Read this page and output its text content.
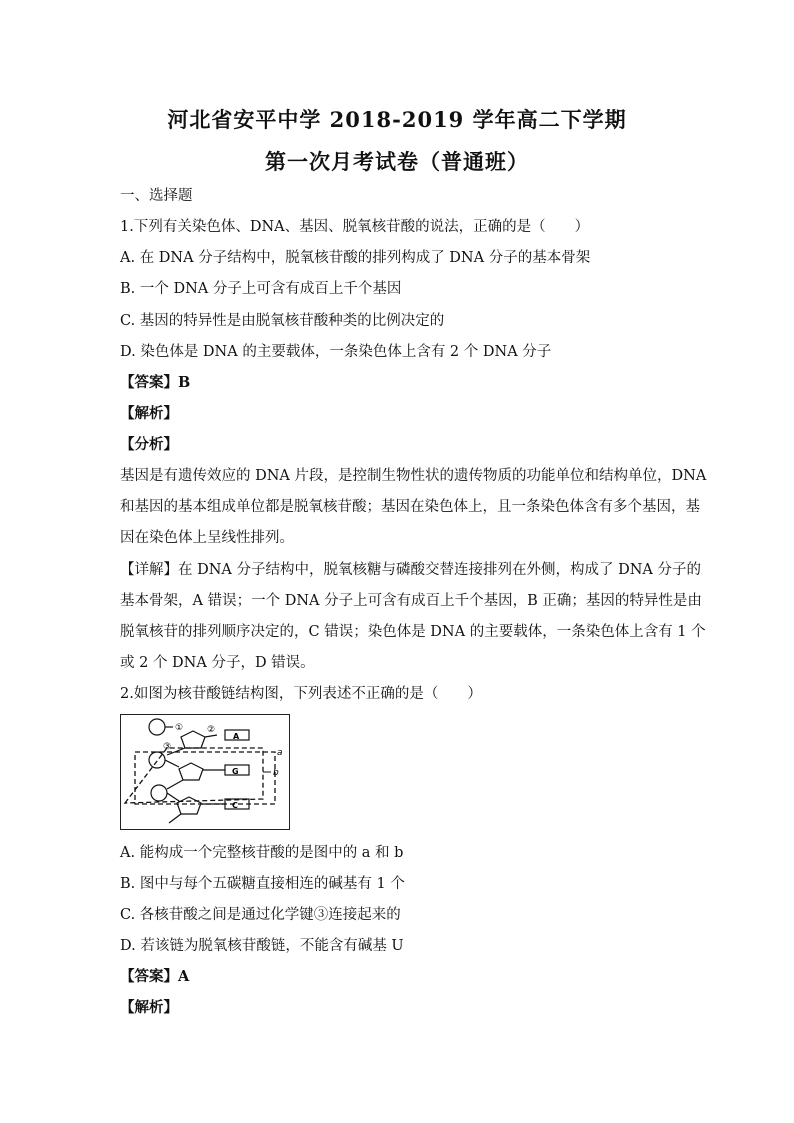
河北省安平中学 2018-2019 学年高二下学期
第一次月考试卷（普通班）
一、选择题
1.下列有关染色体、DNA、基因、脱氧核苷酸的说法，正确的是（　　）
A. 在 DNA 分子结构中，脱氧核苷酸的排列构成了 DNA 分子的基本骨架
B. 一个 DNA 分子上可含有成百上千个基因
C. 基因的特异性是由脱氧核苷酸种类的比例决定的
D. 染色体是 DNA 的主要载体，一条染色体上含有 2 个 DNA 分子
【答案】B
【解析】
【分析】
基因是有遗传效应的 DNA 片段，是控制生物性状的遗传物质的功能单位和结构单位，DNA
和基因的基本组成单位都是脱氧核苷酸；基因在染色体上，且一条染色体含有多个基因，基
因在染色体上呈线性排列。
【详解】在 DNA 分子结构中，脱氧核糖与磷酸交替连接排列在外侧，构成了 DNA 分子的
基本骨架，A 错误；一个 DNA 分子上可含有成百上千个基因，B 正确；基因的特异性是由
脱氧核苷的排列顺序决定的，C 错误；染色体是 DNA 的主要载体，一条染色体上含有 1 个
或 2 个 DNA 分子，D 错误。
2.如图为核苷酸链结构图，下列表述不正确的是（　　）
①	②
A
③
a
G	b
C
A. 能构成一个完整核苷酸的是图中的 a 和 b
B. 图中与每个五碳糖直接相连的碱基有 1 个
C. 各核苷酸之间是通过化学键③连接起来的
D. 若该链为脱氧核苷酸链，不能含有碱基 U
【答案】A
【解析】
